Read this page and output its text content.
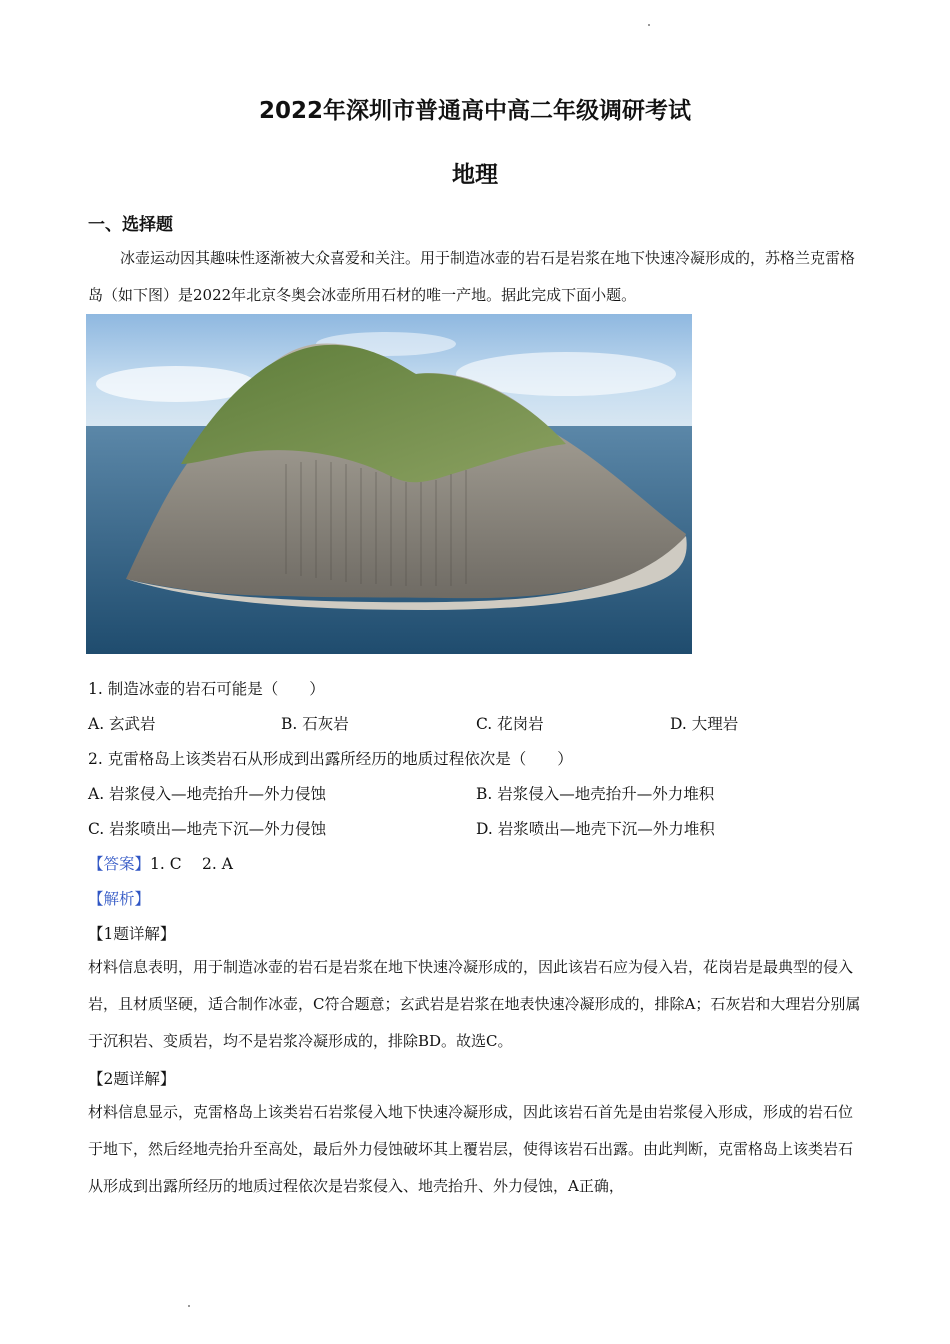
2022年深圳市普通高中高二年级调研考试
地理
一、选择题
冰壶运动因其趣味性逐渐被大众喜爱和关注。用于制造冰壶的岩石是岩浆在地下快速冷凝形成的，苏格兰克雷格岛（如下图）是2022年北京冬奥会冰壶所用石材的唯一产地。据此完成下面小题。
1. 制造冰壶的岩石可能是（　　）
A. 玄武岩	B. 石灰岩	C. 花岗岩	D. 大理岩
2. 克雷格岛上该类岩石从形成到出露所经历的地质过程依次是（　　）
A. 岩浆侵入—地壳抬升—外力侵蚀	B. 岩浆侵入—地壳抬升—外力堆积
C. 岩浆喷出—地壳下沉—外力侵蚀	D. 岩浆喷出—地壳下沉—外力堆积
【答案】1. C　 2. A
【解析】
【1题详解】
材料信息表明，用于制造冰壶的岩石是岩浆在地下快速冷凝形成的，因此该岩石应为侵入岩，花岗岩是最典型的侵入岩，且材质坚硬，适合制作冰壶，C符合题意；玄武岩是岩浆在地表快速冷凝形成的，排除A；石灰岩和大理岩分别属于沉积岩、变质岩，均不是岩浆冷凝形成的，排除BD。故选C。
【2题详解】
材料信息显示，克雷格岛上该类岩石岩浆侵入地下快速冷凝形成，因此该岩石首先是由岩浆侵入形成，形成的岩石位于地下，然后经地壳抬升至高处，最后外力侵蚀破坏其上覆岩层，使得该岩石出露。由此判断，克雷格岛上该类岩石从形成到出露所经历的地质过程依次是岩浆侵入、地壳抬升、外力侵蚀，A正确，
